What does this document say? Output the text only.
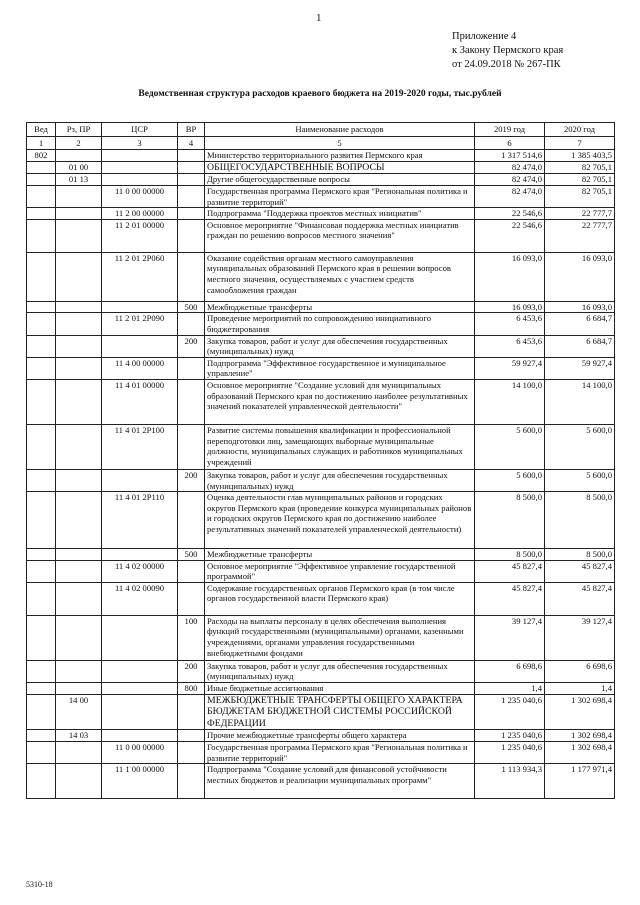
1
Приложение 4
к Закону Пермского края
от 24.09.2018 № 267-ПК
Ведомственная структура расходов краевого бюджета на 2019-2020 годы, тыс.рублей
Вед	Рз, ПР	ЦСР	ВР	Наименование расходов	2019 год	2020 год
1	2	3	4	5	6	7
802				Министерство территориального развития Пермского края	1 317 514,6	1 385 403,5
	01 00			ОБЩЕГОСУДАРСТВЕННЫЕ ВОПРОСЫ	82 474,0	82 705,1
	01 13			Другие общегосударственные вопросы	82 474,0	82 705,1
		11 0 00 00000		Государственная программа Пермского края "Региональная политика и развитие территорий"	82 474,0	82 705,1
		11 2 00 00000		Подпрограмма "Поддержка проектов местных инициатив"	22 546,6	22 777,7
		11 2 01 00000		Основное мероприятие "Финансовая поддержка местных инициатив граждан по решению вопросов местного значения"	22 546,6	22 777,7
		11 2 01 2Р060		Оказание содействия органам местного самоуправления муниципальных образований Пермского края в решении вопросов местного значения, осуществляемых с участием средств самообложения граждан	16 093,0	16 093,0
			500	Межбюджетные трансферты	16 093,0	16 093,0
		11 2 01 2Р090		Проведение мероприятий по сопровождению инициативного бюджетирования	6 453,6	6 684,7
			200	Закупка товаров, работ и услуг для обеспечения государственных (муниципальных) нужд	6 453,6	6 684,7
		11 4 00 00000		Подпрограмма "Эффективное государственное и муниципальное управление"	59 927,4	59 927,4
		11 4 01 00000		Основное мероприятие "Создание условий для муниципальных образований Пермского края по достижению наиболее результативных значений показателей управленческой деятельности"	14 100,0	14 100,0
		11 4 01 2Р100		Развитие системы повышения квалификации и профессиональной переподготовки лиц, замещающих выборные муниципальные должности, муниципальных служащих и работников муниципальных учреждений	5 600,0	5 600,0
			200	Закупка товаров, работ и услуг для обеспечения государственных (муниципальных) нужд	5 600,0	5 600,0
		11 4 01 2Р110		Оценка деятельности глав муниципальных районов и городских округов Пермского края (проведение конкурса муниципальных районов и городских округов Пермского края по достижению наиболее результативных значений показателей управленческой деятельности)	8 500,0	8 500,0
			500	Межбюджетные трансферты	8 500,0	8 500,0
		11 4 02 00000		Основное мероприятие "Эффективное управление государственной программой"	45 827,4	45 827,4
		11 4 02 00090		Содержание государственных органов Пермского края (в том числе органов государственной власти Пермского края)	45 827,4	45 827,4
			100	Расходы на выплаты персоналу в целях обеспечения выполнения функций государственными (муниципальными) органами, казенными учреждениями, органами управления государственными внебюджетными фондами	39 127,4	39 127,4
			200	Закупка товаров, работ и услуг для обеспечения государственных (муниципальных) нужд	6 698,6	6 698,6
			800	Иные бюджетные ассигнования	1,4	1,4
	14 00			МЕЖБЮДЖЕТНЫЕ ТРАНСФЕРТЫ ОБЩЕГО ХАРАКТЕРА БЮДЖЕТАМ БЮДЖЕТНОЙ СИСТЕМЫ РОССИЙСКОЙ ФЕДЕРАЦИИ	1 235 040,6	1 302 698,4
	14 03			Прочие межбюджетные трансферты общего характера	1 235 040,6	1 302 698,4
		11 0 00 00000		Государственная программа Пермского края "Региональная политика и развитие территорий"	1 235 040,6	1 302 698,4
		11 1 00 00000		Подпрограмма "Создание условий для финансовой устойчивости местных бюджетов и реализации муниципальных программ"	1 113 934,3	1 177 971,4
5310-18
